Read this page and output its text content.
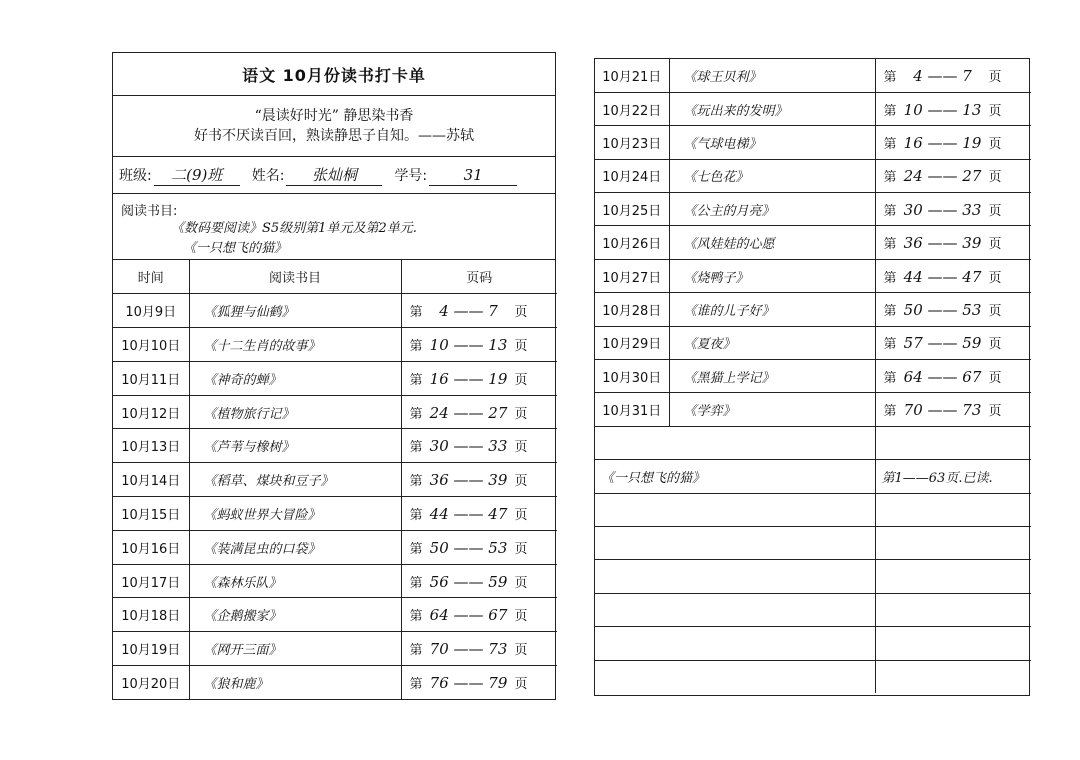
语文 10月份读书打卡单
“晨读好时光” 静思染书香
好书不厌读百回，熟读静思子自知。——苏轼
班级:	二(9)班	姓名:	张灿桐	学号:	31
阅读书目:
《数码要阅读》S5级别第1单元及第2单元.
《一只想飞的猫》
时间	阅读书目	页码
10月9日	《狐狸与仙鹤》	第 4 —— 7 页
10月10日	《十二生肖的故事》	第 10 —— 13 页
10月11日	《神奇的蝉》	第 16 —— 19 页
10月12日	《植物旅行记》	第 24 —— 27 页
10月13日	《芦苇与橡树》	第 30 —— 33 页
10月14日	《稻草、煤块和豆子》	第 36 —— 39 页
10月15日	《蚂蚁世界大冒险》	第 44 —— 47 页
10月16日	《装满昆虫的口袋》	第 50 —— 53 页
10月17日	《森林乐队》	第 56 —— 59 页
10月18日	《企鹅搬家》	第 64 —— 67 页
10月19日	《网开三面》	第 70 —— 73 页
10月20日	《狼和鹿》	第 76 —— 79 页
10月21日	《球王贝利》	第 4 —— 7 页
10月22日	《玩出来的发明》	第 10 —— 13 页
10月23日	《气球电梯》	第 16 —— 19 页
10月24日	《七色花》	第 24 —— 27 页
10月25日	《公主的月亮》	第 30 —— 33 页
10月26日	《风娃娃的心愿	第 36 —— 39 页
10月27日	《烧鸭子》	第 44 —— 47 页
10月28日	《谁的儿子好》	第 50 —— 53 页
10月29日	《夏夜》	第 57 —— 59 页
10月30日	《黑猫上学记》	第 64 —— 67 页
10月31日	《学弈》	第 70 —— 73 页

《一只想飞的猫》		第1——63页.已读.
